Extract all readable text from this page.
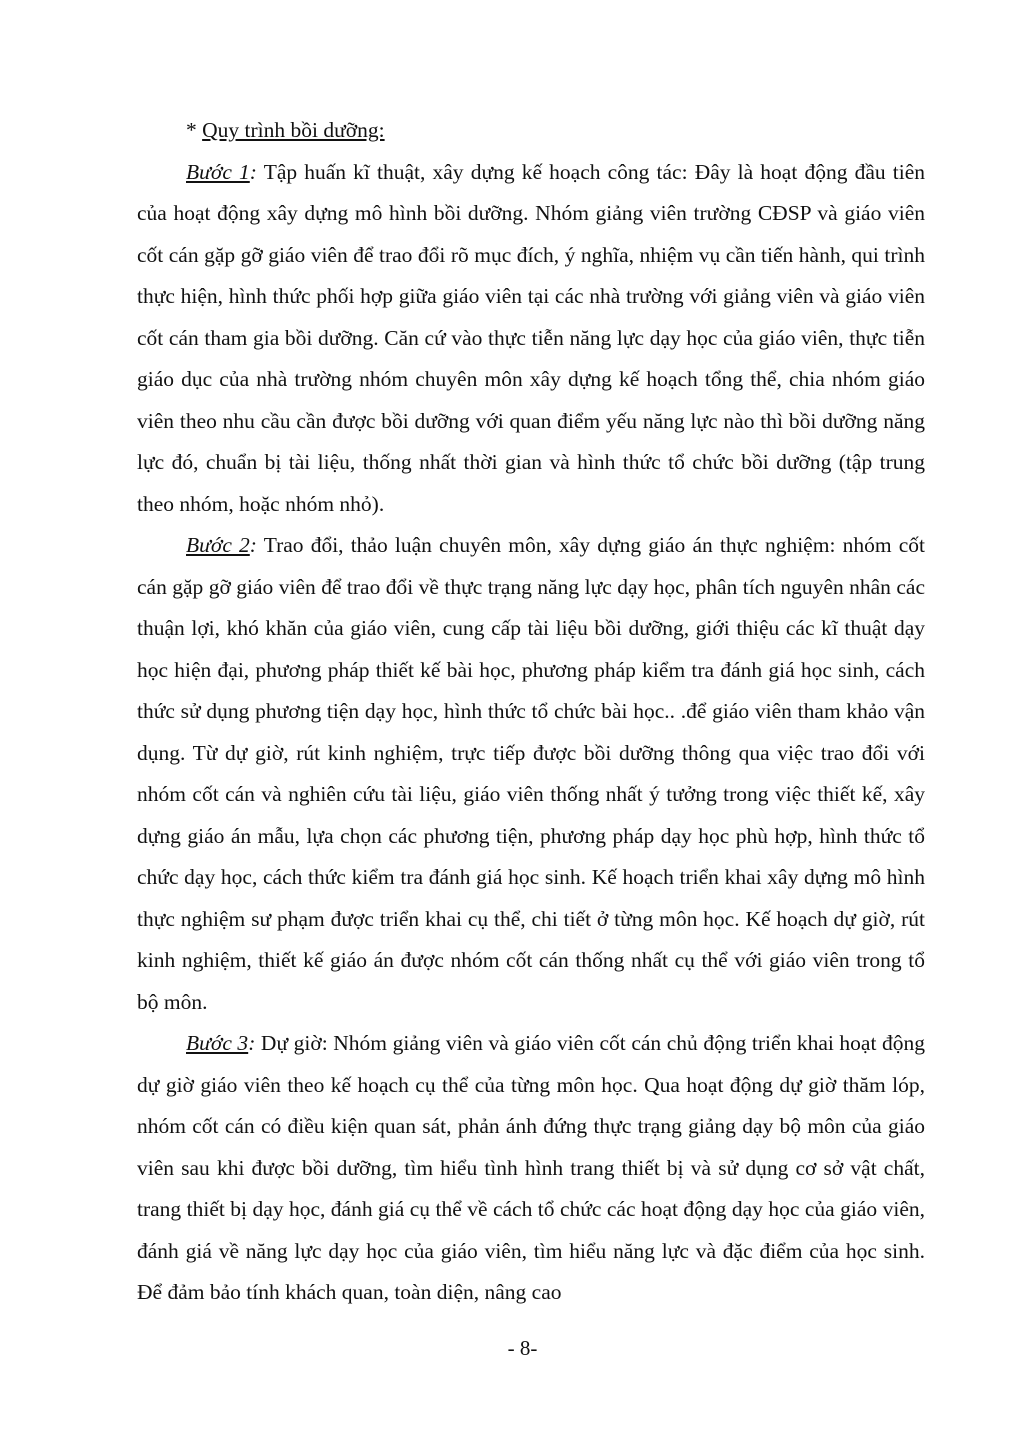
* Quy trình bồi dưỡng:

Bước 1: Tập huấn kĩ thuật, xây dựng kế hoạch công tác: Đây là hoạt động đầu tiên của hoạt động xây dựng mô hình bồi dưỡng. Nhóm giảng viên trường CĐSP và giáo viên cốt cán gặp gỡ giáo viên để trao đổi rõ mục đích, ý nghĩa, nhiệm vụ cần tiến hành, qui trình thực hiện, hình thức phối hợp giữa giáo viên tại các nhà trường với giảng viên và giáo viên cốt cán tham gia bồi dưỡng. Căn cứ vào thực tiễn năng lực dạy học của giáo viên, thực tiễn giáo dục của nhà trường nhóm chuyên môn xây dựng kế hoạch tổng thể, chia nhóm giáo viên theo nhu cầu cần được bồi dưỡng với quan điểm yếu năng lực nào thì bồi dưỡng năng lực đó, chuẩn bị tài liệu, thống nhất thời gian và hình thức tổ chức bồi dưỡng (tập trung theo nhóm, hoặc nhóm nhỏ).

Bước 2: Trao đổi, thảo luận chuyên môn, xây dựng giáo án thực nghiệm: nhóm cốt cán gặp gỡ giáo viên để trao đổi về thực trạng năng lực dạy học, phân tích nguyên nhân các thuận lợi, khó khăn của giáo viên, cung cấp tài liệu bồi dưỡng, giới thiệu các kĩ thuật dạy học hiện đại, phương pháp thiết kế bài học, phương pháp kiểm tra đánh giá học sinh, cách thức sử dụng phương tiện dạy học, hình thức tổ chức bài học.. .để giáo viên tham khảo vận dụng. Từ dự giờ, rút kinh nghiệm, trực tiếp được bồi dưỡng thông qua việc trao đổi với nhóm cốt cán và nghiên cứu tài liệu, giáo viên thống nhất ý tưởng trong việc thiết kế, xây dựng giáo án mẫu, lựa chọn các phương tiện, phương pháp dạy học phù hợp, hình thức tổ chức dạy học, cách thức kiểm tra đánh giá học sinh. Kế hoạch triển khai xây dựng mô hình thực nghiệm sư phạm được triển khai cụ thể, chi tiết ở từng môn học. Kế hoạch dự giờ, rút kinh nghiệm, thiết kế giáo án được nhóm cốt cán thống nhất cụ thể với giáo viên trong tổ bộ môn.

Bước 3: Dự giờ: Nhóm giảng viên và giáo viên cốt cán chủ động triển khai hoạt động dự giờ giáo viên theo kế hoạch cụ thể của từng môn học. Qua hoạt động dự giờ thăm lóp, nhóm cốt cán có điều kiện quan sát, phản ánh đứng thực trạng giảng dạy bộ môn của giáo viên sau khi được bồi dưỡng, tìm hiểu tình hình trang thiết bị và sử dụng cơ sở vật chất, trang thiết bị dạy học, đánh giá cụ thể về cách tổ chức các hoạt động dạy học của giáo viên, đánh giá về năng lực dạy học của giáo viên, tìm hiểu năng lực và đặc điểm của học sinh. Để đảm bảo tính khách quan, toàn diện, nâng cao

- 8-
